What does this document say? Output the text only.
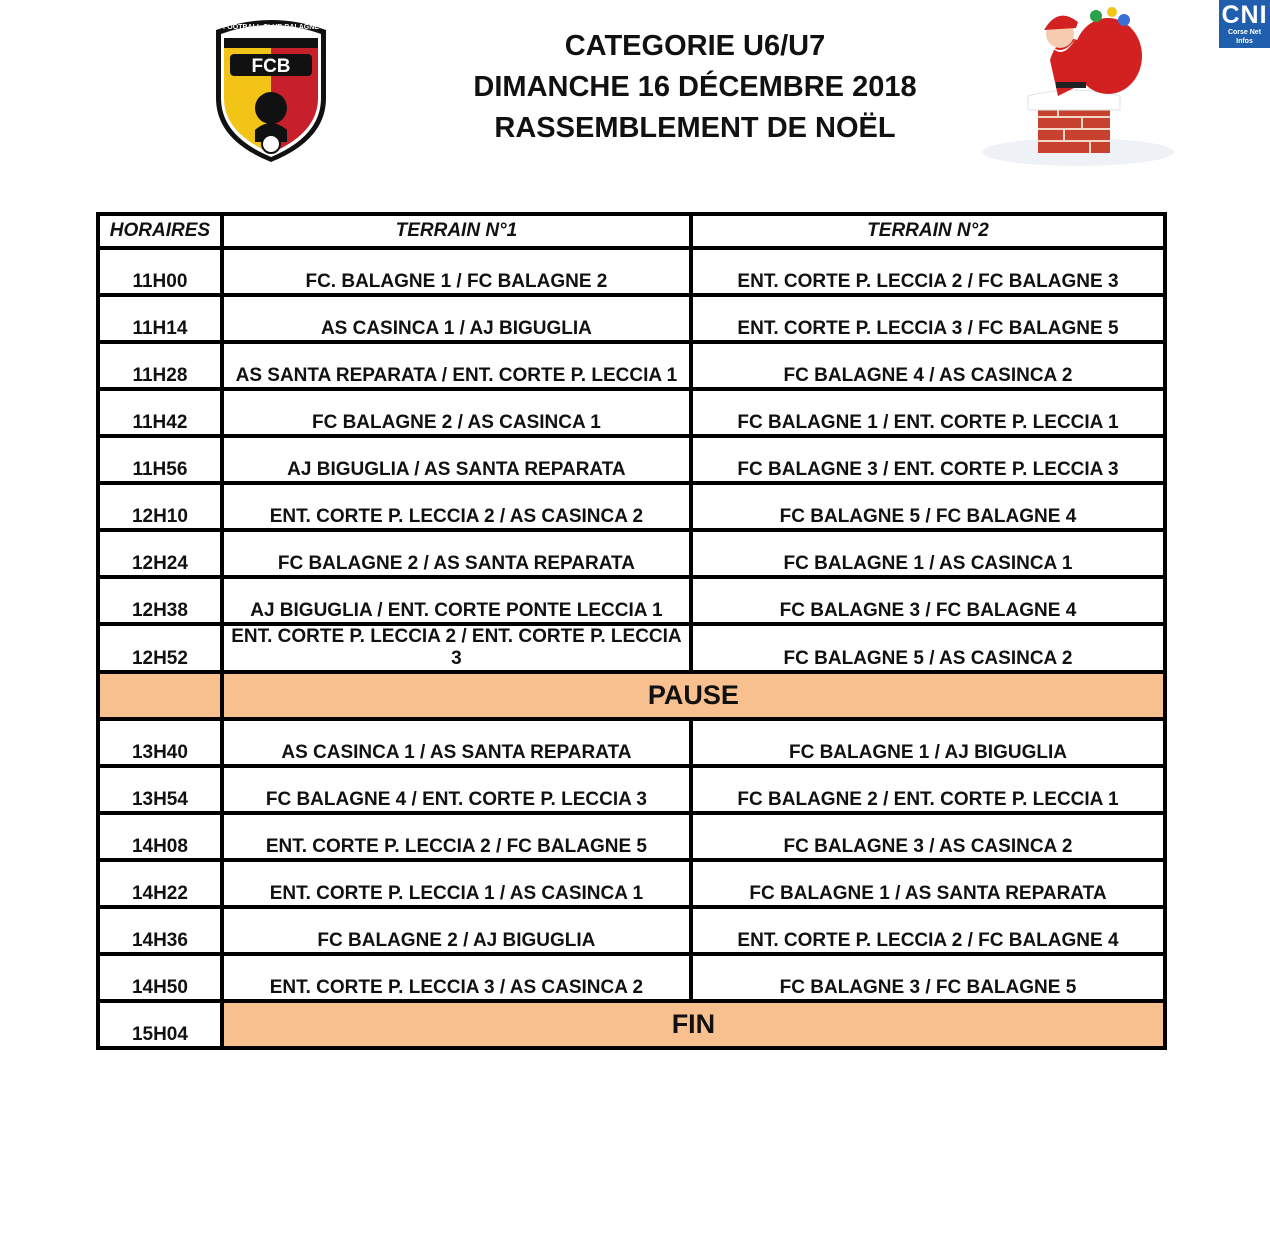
FCB
FOOTBALL CLUB BALAGNE
CATEGORIE U6/U7
DIMANCHE 16 DÉCEMBRE 2018
RASSEMBLEMENT DE NOËL
CNI
Corse Net Infos
HORAIRES	TERRAIN N°1	TERRAIN N°2
11H00	FC. BALAGNE 1 / FC BALAGNE 2	ENT. CORTE P. LECCIA 2 / FC BALAGNE 3
11H14	AS CASINCA 1 / AJ BIGUGLIA	ENT. CORTE P. LECCIA 3 / FC BALAGNE 5
11H28	AS SANTA REPARATA / ENT. CORTE P. LECCIA 1	FC BALAGNE 4 / AS CASINCA 2
11H42	FC BALAGNE 2 / AS CASINCA 1	FC BALAGNE 1 / ENT. CORTE P. LECCIA 1
11H56	AJ BIGUGLIA / AS SANTA REPARATA	FC BALAGNE 3 / ENT. CORTE P. LECCIA 3
12H10	ENT. CORTE P. LECCIA 2 / AS CASINCA 2	FC BALAGNE 5 / FC BALAGNE 4
12H24	FC BALAGNE 2 / AS SANTA REPARATA	FC BALAGNE 1 / AS CASINCA 1
12H38	AJ BIGUGLIA / ENT. CORTE PONTE LECCIA 1	FC BALAGNE 3 / FC BALAGNE 4
12H52	ENT. CORTE P. LECCIA 2 / ENT. CORTE P. LECCIA 3	FC BALAGNE 5 / AS CASINCA 2
	PAUSE	
13H40	AS CASINCA 1 / AS SANTA REPARATA	FC BALAGNE 1 / AJ BIGUGLIA
13H54	FC BALAGNE 4 / ENT. CORTE P. LECCIA 3	FC BALAGNE 2 / ENT. CORTE P. LECCIA 1
14H08	ENT. CORTE P. LECCIA 2 / FC BALAGNE 5	FC BALAGNE 3 / AS CASINCA 2
14H22	ENT. CORTE P. LECCIA 1 / AS CASINCA 1	FC BALAGNE 1 / AS SANTA REPARATA
14H36	FC BALAGNE 2 / AJ BIGUGLIA	ENT. CORTE P. LECCIA 2 / FC BALAGNE 4
14H50	ENT. CORTE P. LECCIA 3 / AS CASINCA 2	FC BALAGNE 3 / FC BALAGNE 5
15H04	FIN	
